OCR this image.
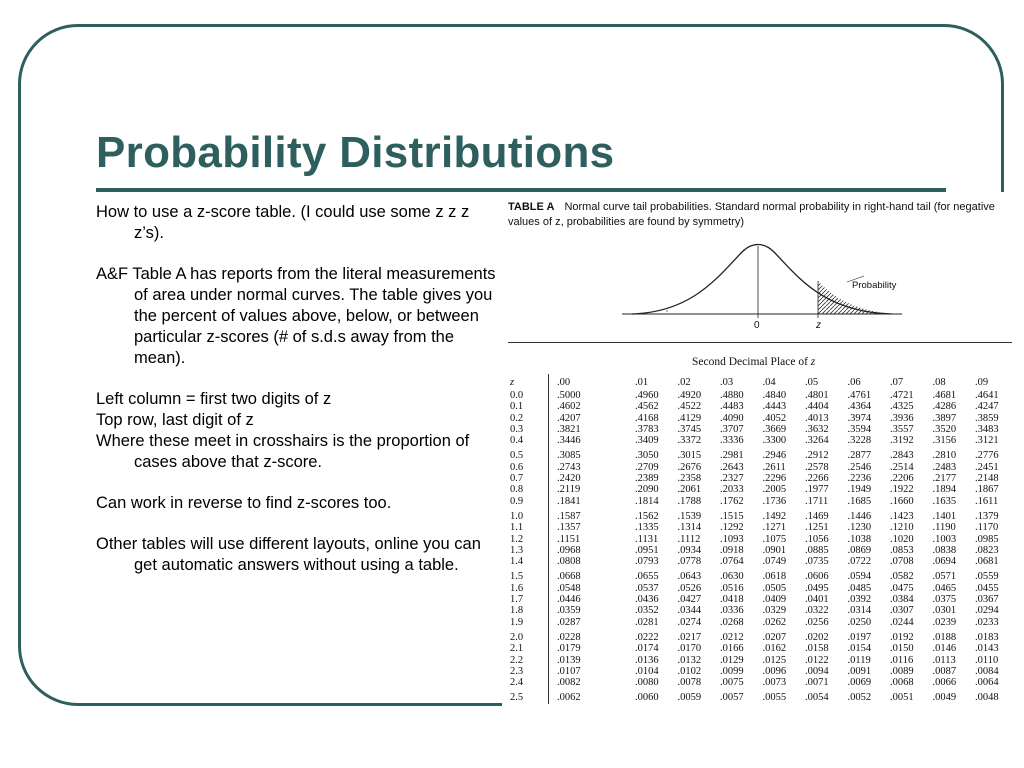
Probability Distributions

How to use a z-score table. (I could use some z z z z’s).

A&F Table A has reports from the literal measurements of area under normal curves. The table gives you the percent of values above, below, or between particular z-scores (# of s.d.s away from the mean).

Left column = first two digits of z

Top row, last digit of z

Where these meet in crosshairs is the proportion of cases above that z-score.

Can work in reverse to find z-scores too.

Other tables will use different layouts, online you can get automatic answers without using a table.

TABLE A Normal curve tail probabilities. Standard normal probability in right-hand tail (for negative values of z, probabilities are found by symmetry)
Probability
0	z
Second Decimal Place of z
z	.00	.01	.02	.03	.04	.05	.06	.07	.08	.09
0.0	.5000	.4960	.4920	.4880	.4840	.4801	.4761	.4721	.4681	.4641
0.1	.4602	.4562	.4522	.4483	.4443	.4404	.4364	.4325	.4286	.4247
0.2	.4207	.4168	.4129	.4090	.4052	.4013	.3974	.3936	.3897	.3859
0.3	.3821	.3783	.3745	.3707	.3669	.3632	.3594	.3557	.3520	.3483
0.4	.3446	.3409	.3372	.3336	.3300	.3264	.3228	.3192	.3156	.3121
0.5	.3085	.3050	.3015	.2981	.2946	.2912	.2877	.2843	.2810	.2776
0.6	.2743	.2709	.2676	.2643	.2611	.2578	.2546	.2514	.2483	.2451
0.7	.2420	.2389	.2358	.2327	.2296	.2266	.2236	.2206	.2177	.2148
0.8	.2119	.2090	.2061	.2033	.2005	.1977	.1949	.1922	.1894	.1867
0.9	.1841	.1814	.1788	.1762	.1736	.1711	.1685	.1660	.1635	.1611
1.0	.1587	.1562	.1539	.1515	.1492	.1469	.1446	.1423	.1401	.1379
1.1	.1357	.1335	.1314	.1292	.1271	.1251	.1230	.1210	.1190	.1170
1.2	.1151	.1131	.1112	.1093	.1075	.1056	.1038	.1020	.1003	.0985
1.3	.0968	.0951	.0934	.0918	.0901	.0885	.0869	.0853	.0838	.0823
1.4	.0808	.0793	.0778	.0764	.0749	.0735	.0722	.0708	.0694	.0681
1.5	.0668	.0655	.0643	.0630	.0618	.0606	.0594	.0582	.0571	.0559
1.6	.0548	.0537	.0526	.0516	.0505	.0495	.0485	.0475	.0465	.0455
1.7	.0446	.0436	.0427	.0418	.0409	.0401	.0392	.0384	.0375	.0367
1.8	.0359	.0352	.0344	.0336	.0329	.0322	.0314	.0307	.0301	.0294
1.9	.0287	.0281	.0274	.0268	.0262	.0256	.0250	.0244	.0239	.0233
2.0	.0228	.0222	.0217	.0212	.0207	.0202	.0197	.0192	.0188	.0183
2.1	.0179	.0174	.0170	.0166	.0162	.0158	.0154	.0150	.0146	.0143
2.2	.0139	.0136	.0132	.0129	.0125	.0122	.0119	.0116	.0113	.0110
2.3	.0107	.0104	.0102	.0099	.0096	.0094	.0091	.0089	.0087	.0084
2.4	.0082	.0080	.0078	.0075	.0073	.0071	.0069	.0068	.0066	.0064
2.5	.0062	.0060	.0059	.0057	.0055	.0054	.0052	.0051	.0049	.0048
